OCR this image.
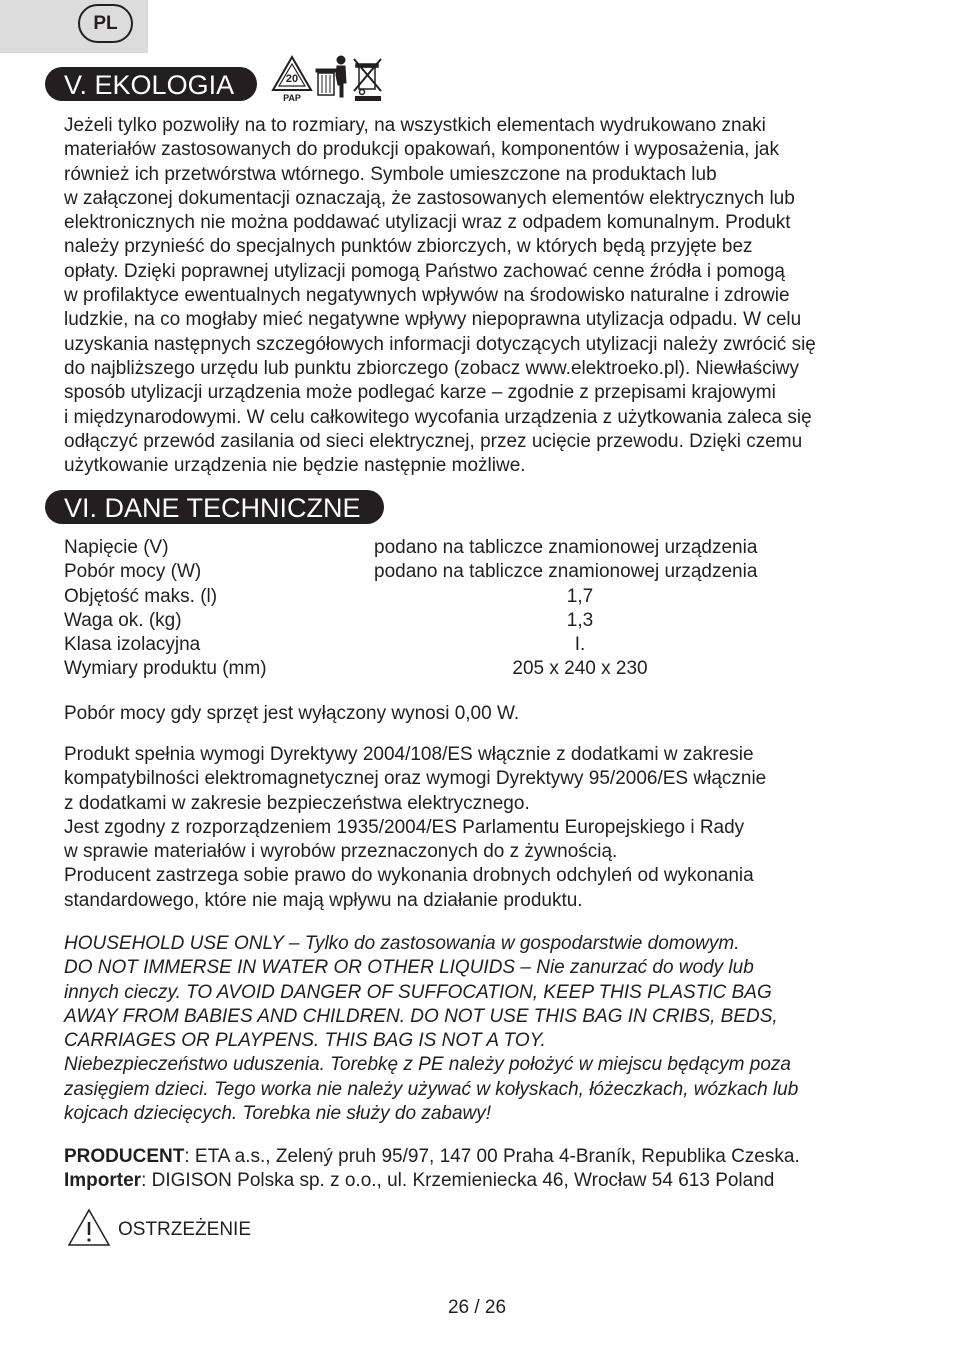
PL
V. EKOLOGIA	20
PAP
Jeżeli tylko pozwoliły na to rozmiary, na wszystkich elementach wydrukowano znaki
materiałów zastosowanych do produkcji opakowań, komponentów i wyposażenia, jak
również ich przetwórstwa wtórnego. Symbole umieszczone na produktach lub
w załączonej dokumentacji oznaczają, że zastosowanych elementów elektrycznych lub
elektronicznych nie można poddawać utylizacji wraz z odpadem komunalnym. Produkt
należy przynieść do specjalnych punktów zbiorczych, w których będą przyjęte bez
opłaty. Dzięki poprawnej utylizacji pomogą Państwo zachować cenne źródła i pomogą
w profilaktyce ewentualnych negatywnych wpływów na środowisko naturalne i zdrowie
ludzkie, na co mogłaby mieć negatywne wpływy niepoprawna utylizacja odpadu. W celu
uzyskania następnych szczegółowych informacji dotyczących utylizacji należy zwrócić się
do najbliższego urzędu lub punktu zbiorczego (zobacz www.elektroeko.pl). Niewłaściwy
sposób utylizacji urządzenia może podlegać karze – zgodnie z przepisami krajowymi
i międzynarodowymi. W celu całkowitego wycofania urządzenia z użytkowania zaleca się
odłączyć przewód zasilania od sieci elektrycznej, przez ucięcie przewodu. Dzięki czemu
użytkowanie urządzenia nie będzie następnie możliwe.
VI. DANE TECHNICZNE
Napięcie (V)	podano na tabliczce znamionowej urządzenia
Pobór mocy (W)	podano na tabliczce znamionowej urządzenia
Objętość maks. (l)	1,7
Waga ok. (kg)	1,3
Klasa izolacyjna	I.
Wymiary produktu (mm)	205 x 240 x 230
Pobór mocy gdy sprzęt jest wyłączony wynosi 0,00 W.
Produkt spełnia wymogi Dyrektywy 2004/108/ES włącznie z dodatkami w zakresie
kompatybilności elektromagnetycznej oraz wymogi Dyrektywy 95/2006/ES włącznie
z dodatkami w zakresie bezpieczeństwa elektrycznego.
Jest zgodny z rozporządzeniem 1935/2004/ES Parlamentu Europejskiego i Rady
w sprawie materiałów i wyrobów przeznaczonych do z żywnością.
Producent zastrzega sobie prawo do wykonania drobnych odchyleń od wykonania
standardowego, które nie mają wpływu na działanie produktu.
HOUSEHOLD USE ONLY – Tylko do zastosowania w gospodarstwie domowym.
DO NOT IMMERSE IN WATER OR OTHER LIQUIDS – Nie zanurzać do wody lub
innych cieczy. TO AVOID DANGER OF SUFFOCATION, KEEP THIS PLASTIC BAG
AWAY FROM BABIES AND CHILDREN. DO NOT USE THIS BAG IN CRIBS, BEDS,
CARRIAGES OR PLAYPENS. THIS BAG IS NOT A TOY.
Niebezpieczeństwo uduszenia. Torebkę z PE należy położyć w miejscu będącym poza
zasięgiem dzieci. Tego worka nie należy używać w kołyskach, łóżeczkach, wózkach lub
kojcach dziecięcych. Torebka nie służy do zabawy!
PRODUCENT: ETA a.s., Zelený pruh 95/97, 147 00 Praha 4-Braník, Republika Czeska.
Importer: DIGISON Polska sp. z o.o., ul. Krzemieniecka 46, Wrocław 54 613 Poland
OSTRZEŻENIE
26 / 26
